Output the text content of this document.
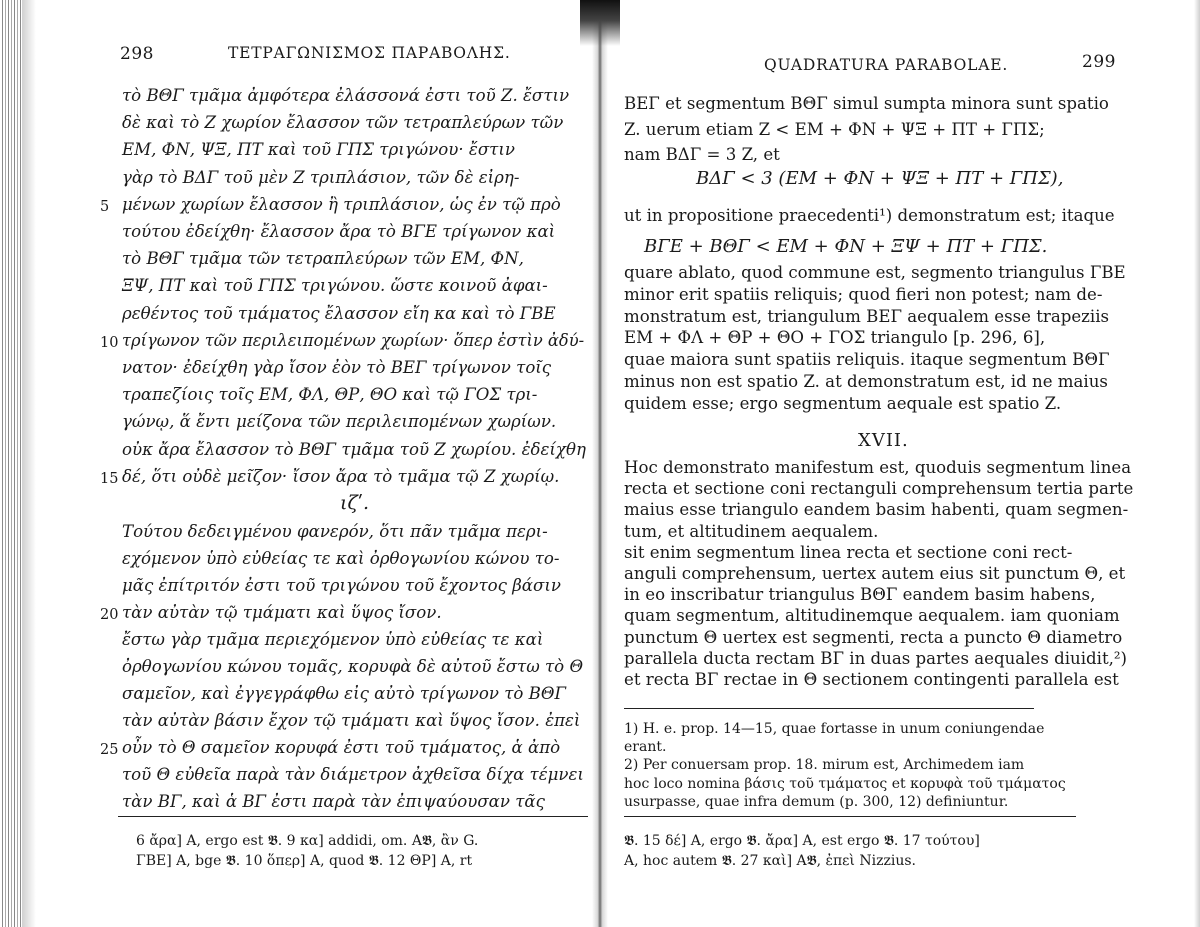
298	ΤΕΤΡΑΓΩΝΙΣΜΟΣ ΠΑΡΑΒΟΛΗΣ.
τὸ ΒΘΓ τμᾶμα ἀμφότερα ἐλάσσονά ἐστι τοῦ Ζ. ἔστιν
δὲ καὶ τὸ Ζ χωρίον ἔλασσον τῶν τετραπλεύρων τῶν
ΕΜ, ΦΝ, ΨΞ, ΠΤ καὶ τοῦ ΓΠΣ τριγώνου· ἔστιν
γὰρ τὸ ΒΔΓ τοῦ μὲν Ζ τριπλάσιον, τῶν δὲ εἰρη-
μένων χωρίων ἔλασσον ἢ τριπλάσιον, ὡς ἐν τῷ πρὸ
τούτου ἐδείχθη· ἔλασσον ἄρα τὸ ΒΓΕ τρίγωνον καὶ
τὸ ΒΘΓ τμᾶμα τῶν τετραπλεύρων τῶν ΕΜ, ΦΝ,
ΞΨ, ΠΤ καὶ τοῦ ΓΠΣ τριγώνου. ὥστε κοινοῦ ἀφαι-
ρεθέντος τοῦ τμάματος ἔλασσον εἴη κα καὶ τὸ ΓΒΕ
τρίγωνον τῶν περιλειπομένων χωρίων· ὅπερ ἐστὶν ἀδύ-
νατον· ἐδείχθη γὰρ ἴσον ἐὸν τὸ ΒΕΓ τρίγωνον τοῖς
τραπεζίοις τοῖς ΕΜ, ΦΛ, ΘΡ, ΘΟ καὶ τῷ ΓΟΣ τρι-
γώνῳ, ἅ ἔντι μείζονα τῶν περιλειπομένων χωρίων.
οὐκ ἄρα ἔλασσον τὸ ΒΘΓ τμᾶμα τοῦ Ζ χωρίου. ἐδείχθη
δέ, ὅτι οὐδὲ μεῖζον· ἴσον ἄρα τὸ τμᾶμα τῷ Ζ χωρίῳ.
ιζʹ.
Τούτου δεδειγμένου φανερόν, ὅτι πᾶν τμᾶμα περι-
εχόμενον ὑπὸ εὐθείας τε καὶ ὀρθογωνίου κώνου το-
μᾶς ἐπίτριτόν ἐστι τοῦ τριγώνου τοῦ ἔχοντος βάσιν
τὰν αὐτὰν τῷ τμάματι καὶ ὕψος ἴσον.
ἔστω γὰρ τμᾶμα περιεχόμενον ὑπὸ εὐθείας τε καὶ
ὀρθογωνίου κώνου τομᾶς, κορυφὰ δὲ αὐτοῦ ἔστω τὸ Θ
σαμεῖον, καὶ ἐγγεγράφθω εἰς αὐτὸ τρίγωνον τὸ ΒΘΓ
τὰν αὐτὰν βάσιν ἔχον τῷ τμάματι καὶ ὕψος ἴσον. ἐπεὶ
οὖν τὸ Θ σαμεῖον κορυφά ἐστι τοῦ τμάματος, ἁ ἀπὸ
τοῦ Θ εὐθεῖα παρὰ τὰν διάμετρον ἀχθεῖσα δίχα τέμνει
τὰν ΒΓ, καὶ ἁ ΒΓ ἐστι παρὰ τὰν ἐπιψαύουσαν τᾶς
5
10
15
20
25
6 ἄρα] A, ergo est 𝕭. 9 κα] addidi, om. A𝕭, ἂν G.
ΓΒΕ] A, bge 𝕭. 10 ὅπερ] A, quod 𝕭. 12 ΘΡ] A, rt
QUADRATURA PARABOLAE.	299
ΒΕΓ et segmentum ΒΘΓ simul sumpta minora sunt spatio
Z. uerum etiam Z < ΕΜ + ΦΝ + ΨΞ + ΠΤ + ΓΠΣ;
nam ΒΔΓ = 3 Z, et
ΒΔΓ < 3 (ΕΜ + ΦΝ + ΨΞ + ΠΤ + ΓΠΣ),
ut in propositione praecedenti¹) demonstratum est; itaque
ΒΓΕ + ΒΘΓ < ΕΜ + ΦΝ + ΞΨ + ΠΤ + ΓΠΣ.
quare ablato, quod commune est, segmento triangulus ΓΒΕ
minor erit spatiis reliquis; quod fieri non potest; nam de-
monstratum est, triangulum ΒΕΓ aequalem esse trapeziis
ΕΜ + ΦΛ + ΘΡ + ΘΟ + ΓΟΣ triangulo [p. 296, 6],
quae maiora sunt spatiis reliquis. itaque segmentum ΒΘΓ
minus non est spatio Z. at demonstratum est, id ne maius
quidem esse; ergo segmentum aequale est spatio Z.
XVII.
Hoc demonstrato manifestum est, quoduis segmentum linea
recta et sectione coni rectanguli comprehensum tertia parte
maius esse triangulo eandem basim habenti, quam segmen-
tum, et altitudinem aequalem.
sit enim segmentum linea recta et sectione coni rect-
anguli comprehensum, uertex autem eius sit punctum Θ, et
in eo inscribatur triangulus ΒΘΓ eandem basim habens,
quam segmentum, altitudinemque aequalem. iam quoniam
punctum Θ uertex est segmenti, recta a puncto Θ diametro
parallela ducta rectam ΒΓ in duas partes aequales diuidit,²)
et recta ΒΓ rectae in Θ sectionem contingenti parallela est
1) H. e. prop. 14—15, quae fortasse in unum coniungendae
erant.
2) Per conuersam prop. 18. mirum est, Archimedem iam
hoc loco nomina βάσις τοῦ τμάματος et κορυφὰ τοῦ τμάματος
usurpasse, quae infra demum (p. 300, 12) definiuntur.
𝕭. 15 δέ] A, ergo 𝕭. ἄρα] A, est ergo 𝕭. 17 τούτου]
A, hoc autem 𝕭. 27 καὶ] A𝕭, ἐπεὶ Nizzius.
